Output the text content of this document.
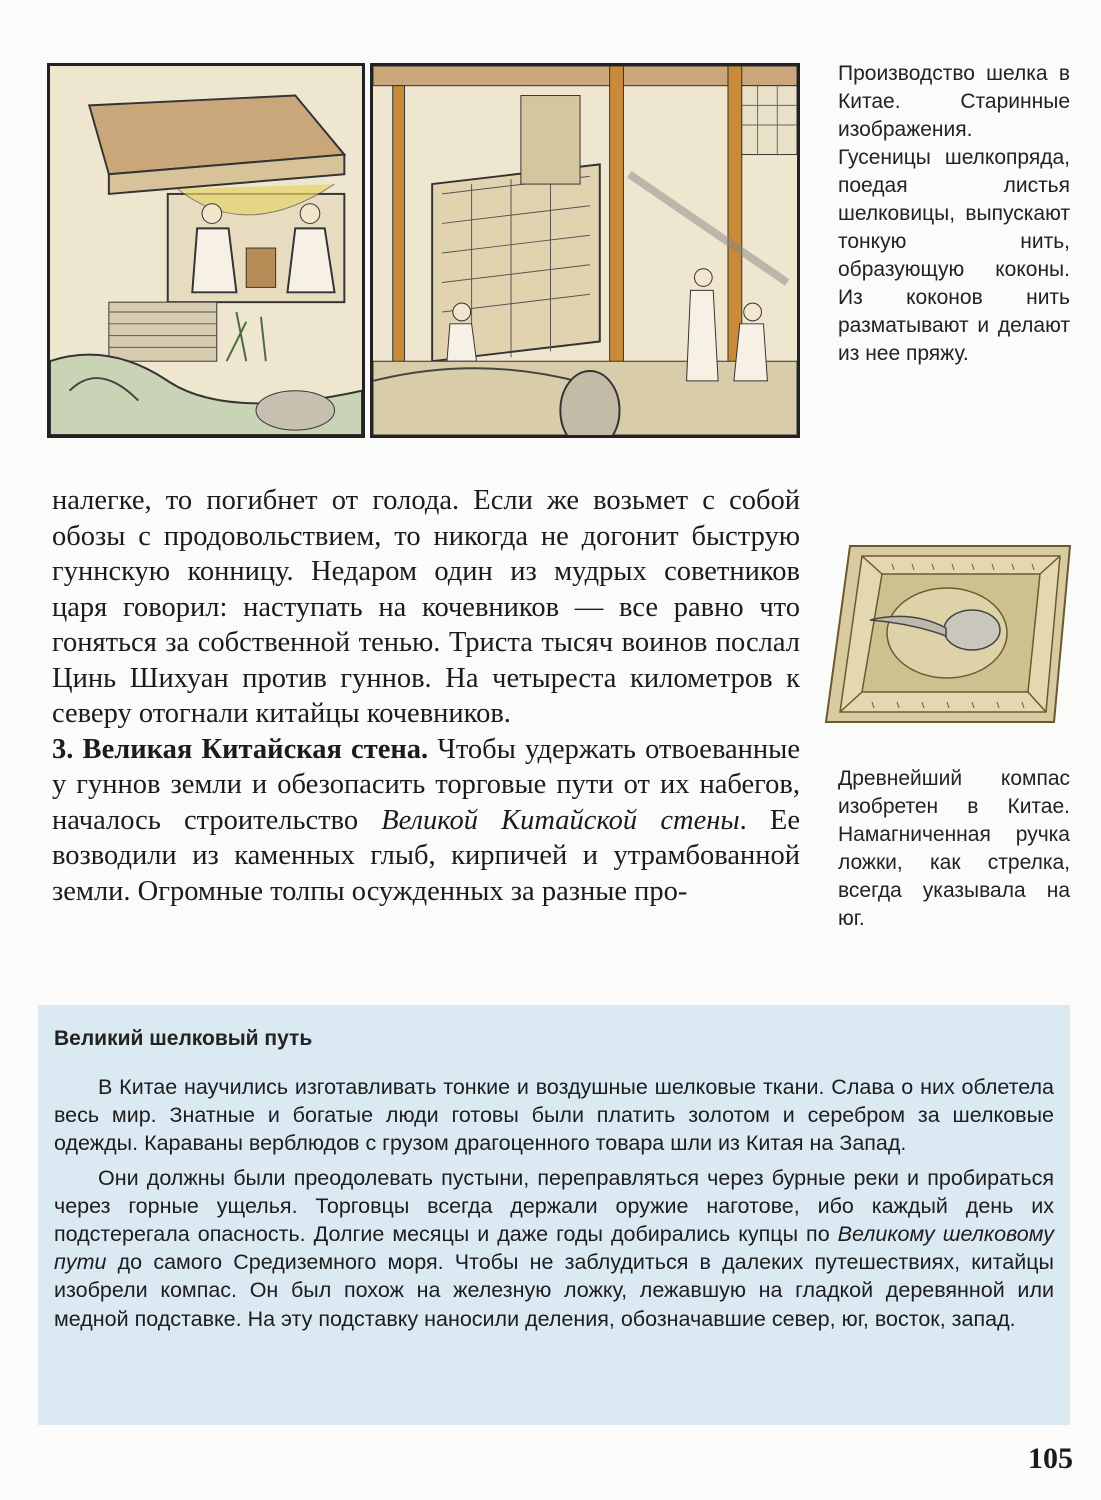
Производство шелка в Китае. Старинные изображения. Гусеницы шелкопряда, поедая листья шелковицы, выпускают тонкую нить, образующую коконы. Из коконов нить разматывают и делают из нее пряжу.

Древнейший компас изобретен в Китае. Намагниченная ручка ложки, как стрелка, всегда указывала на юг.

налегке, то погибнет от голода. Если же возьмет с собой обозы с продовольствием, то никогда не догонит быструю гуннскую конницу. Недаром один из мудрых советников царя говорил: наступать на кочевников — все равно что гоняться за собственной тенью. Триста тысяч воинов послал Цинь Шихуан против гуннов. На четыреста километров к северу отогнали китайцы кочевников.

3. Великая Китайская стена. Чтобы удержать отвоеванные у гуннов земли и обезопасить торговые пути от их набегов, началось строительство Великой Китайской стены. Ее возводили из каменных глыб, кирпичей и утрамбованной земли. Огромные толпы осужденных за разные про-

Великий шелковый путь

В Китае научились изготавливать тонкие и воздушные шелковые ткани. Слава о них облетела весь мир. Знатные и богатые люди готовы были платить золотом и серебром за шелковые одежды. Караваны верблюдов с грузом драгоценного товара шли из Китая на Запад.

Они должны были преодолевать пустыни, переправляться через бурные реки и пробираться через горные ущелья. Торговцы всегда держали оружие наготове, ибо каждый день их подстерегала опасность. Долгие месяцы и даже годы добирались купцы по Великому шелковому пути до самого Средиземного моря. Чтобы не заблудиться в далеких путешествиях, китайцы изобрели компас. Он был похож на железную ложку, лежавшую на гладкой деревянной или медной подставке. На эту подставку наносили деления, обозначавшие север, юг, восток, запад.

105
